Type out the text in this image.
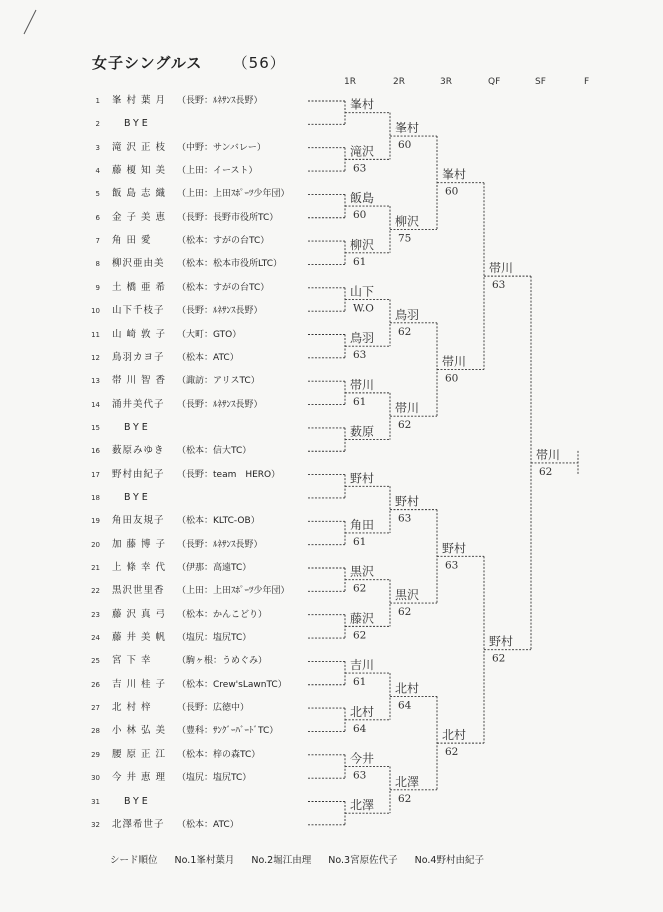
女子シングルス （56）
1R	2R	3R	QF	SF	F
1 峯 村 葉 月 （長野：ﾙﾈｻﾝｽ長野）
2	BYE
3 滝 沢 正 枝 （中野：サンバレー）
4 藤 榎 知 美 （上田：イースト）
5 飯 島 志 織 （上田：上田ｽﾎﾟｰﾂ少年団）
6 金 子 美 恵 （長野：長野市役所TC）
7 角 田 愛	（松本：すがの台TC）
8 柳沢亜由美 （松本：松本市役所LTC）
9 土 橋 亜 希 （松本：すがの台TC）
10 山下千枝子 （長野：ﾙﾈｻﾝｽ長野）
11 山 崎 敦 子 （大町：GTO）
12 鳥羽カヨ子 （松本：ATC）
13 帯 川 智 香 （諏訪：アリスTC）
14 涌井美代子 （長野：ﾙﾈｻﾝｽ長野）
15	BYE
16 薮原みゆき （松本：信大TC）
17 野村由紀子 （長野：team　HERO）
18	BYE
19 角田友規子 （松本：KLTC-OB）
20 加 藤 博 子 （長野：ﾙﾈｻﾝｽ長野）
21 上 條 幸 代 （伊那：高遠TC）
22 黒沢世里香 （上田：上田ｽﾎﾟｰﾂ少年団）
23 藤 沢 真 弓 （松本：かんこどり）
24 藤 井 美 帆 （塩尻：塩尻TC）
25 宮 下 幸	（駒ヶ根：うめぐみ）
26 吉 川 桂 子 （松本：Crew'sLawnTC）
27 北 村 梓	（長野：広徳中）
28 小 林 弘 美 （豊科：ｻﾝｸﾞｰﾊﾞｰﾄﾞTC）
29 腰 原 正 江 （松本：梓の森TC）
30 今 井 恵 理 （塩尻：塩尻TC）
31	BYE
32 北澤希世子 （松本：ATC）
峯村
滝沢
63
飯島
60
柳沢
61
山下
W.O
鳥羽
63
帯川
61
薮原
野村
角田
61
黒沢
62
藤沢
62
吉川
61
北村
64
今井
63
北澤
峯村
60
柳沢
75
鳥羽
62
帯川
62
野村
63
黒沢
62
北村
64
北澤
62
峯村
60
帯川
60
野村
63
北村
62
帯川
63
野村
62
帯川
62
シード順位 No.1峯村葉月 No.2堀江由理 No.3宮原佐代子 No.4野村由紀子
